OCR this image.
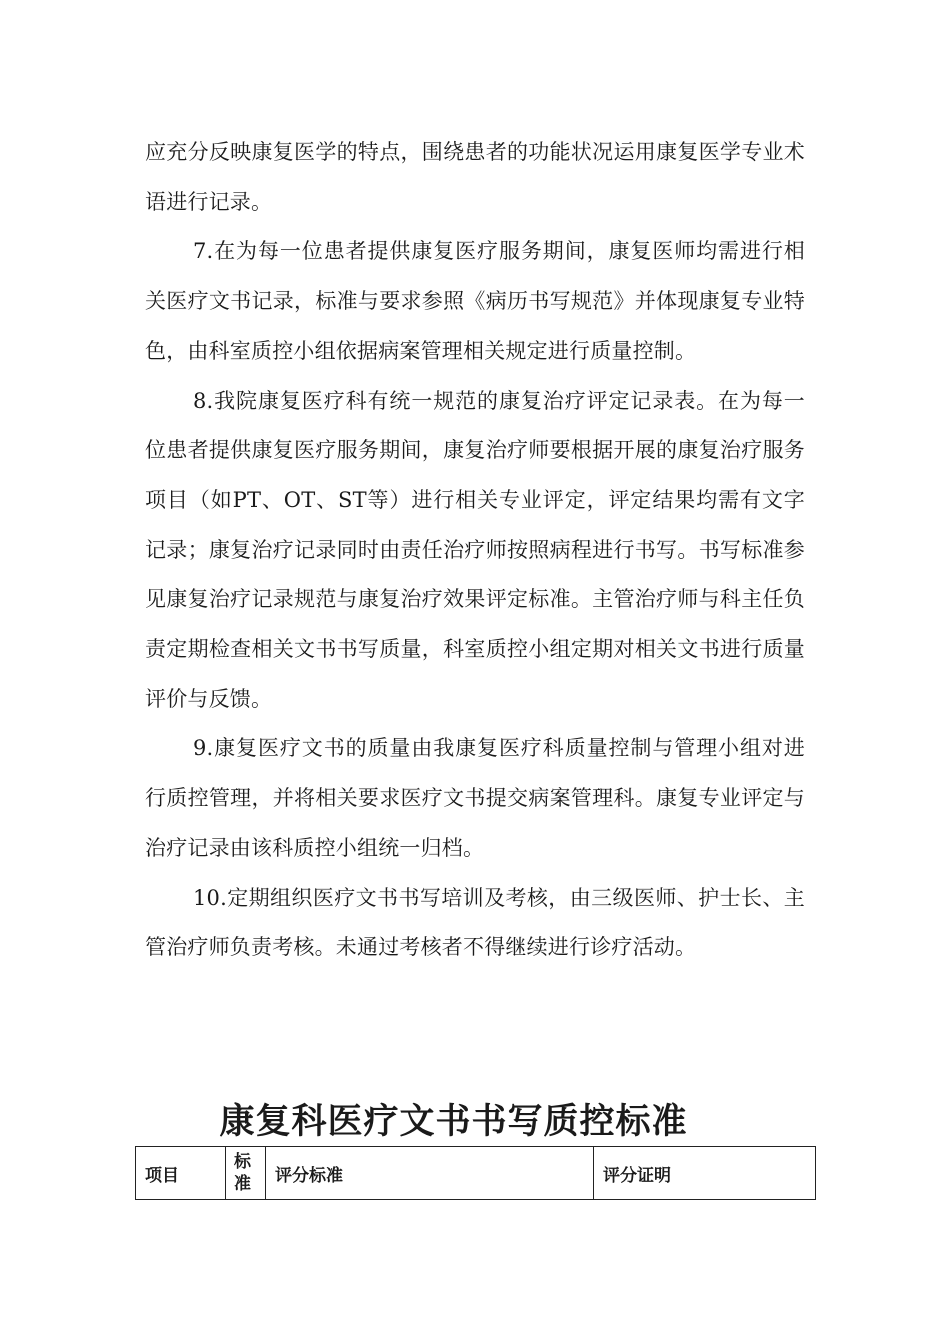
应充分反映康复医学的特点，围绕患者的功能状况运用康复医学专业术语进行记录。

7.在为每一位患者提供康复医疗服务期间，康复医师均需进行相关医疗文书记录，标准与要求参照《病历书写规范》并体现康复专业特色，由科室质控小组依据病案管理相关规定进行质量控制。

8.我院康复医疗科有统一规范的康复治疗评定记录表。在为每一位患者提供康复医疗服务期间，康复治疗师要根据开展的康复治疗服务项目（如PT、OT、ST等）进行相关专业评定，评定结果均需有文字记录；康复治疗记录同时由责任治疗师按照病程进行书写。书写标准参见康复治疗记录规范与康复治疗效果评定标准。主管治疗师与科主任负责定期检查相关文书书写质量，科室质控小组定期对相关文书进行质量评价与反馈。

9.康复医疗文书的质量由我康复医疗科质量控制与管理小组对进行质控管理，并将相关要求医疗文书提交病案管理科。康复专业评定与治疗记录由该科质控小组统一归档。

10.定期组织医疗文书书写培训及考核，由三级医师、护士长、主管治疗师负责考核。未通过考核者不得继续进行诊疗活动。

康复科医疗文书书写质控标准
项目	标准	评分标准	评分证明
